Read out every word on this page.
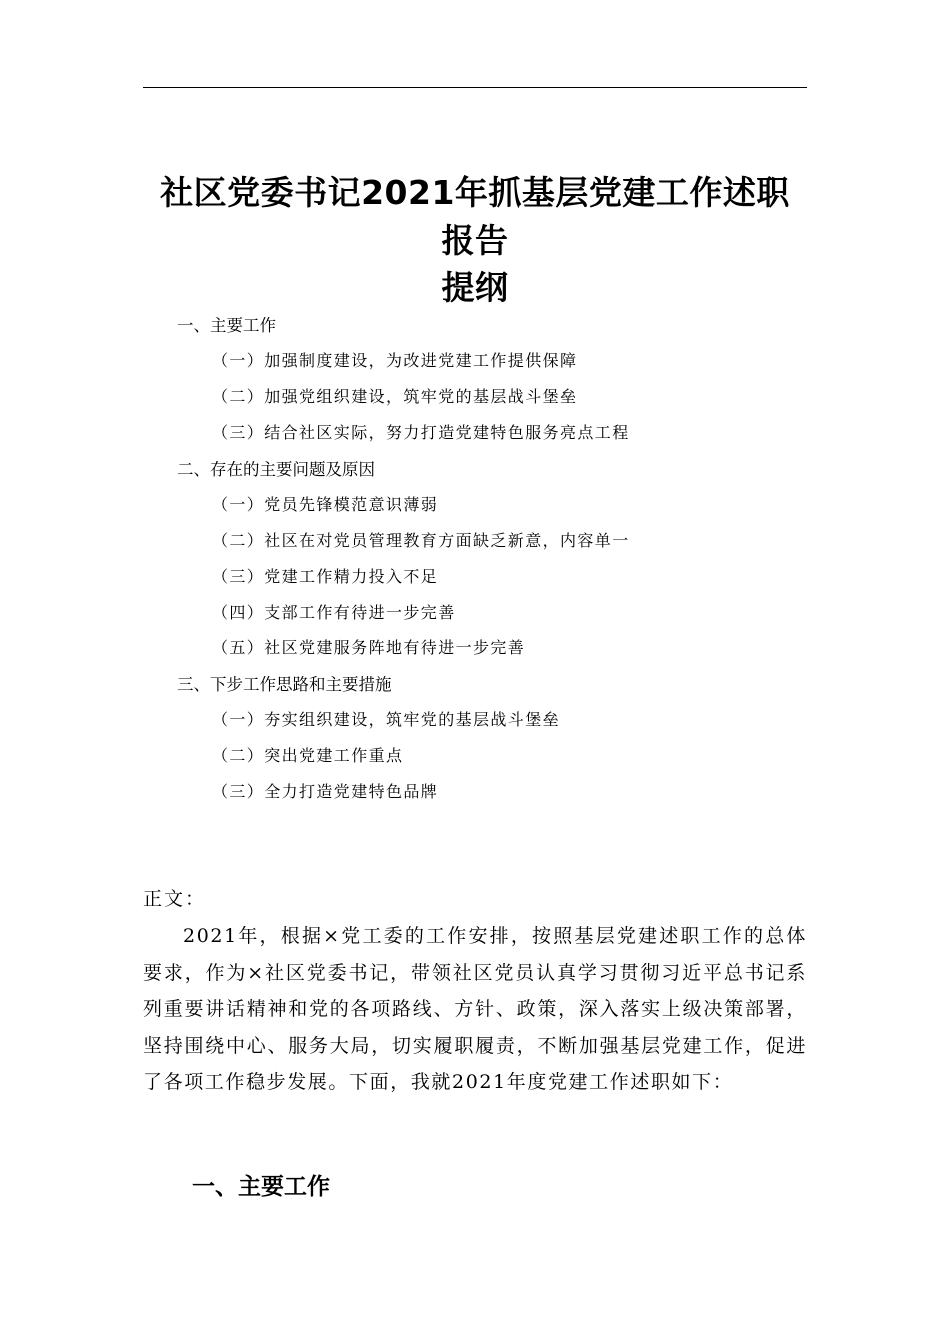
社区党委书记2021年抓基层党建工作述职
报告
提纲
一、主要工作
（一）加强制度建设，为改进党建工作提供保障
（二）加强党组织建设，筑牢党的基层战斗堡垒
（三）结合社区实际，努力打造党建特色服务亮点工程
二、存在的主要问题及原因
（一）党员先锋模范意识薄弱
（二）社区在对党员管理教育方面缺乏新意，内容单一
（三）党建工作精力投入不足
（四）支部工作有待进一步完善
（五）社区党建服务阵地有待进一步完善
三、下步工作思路和主要措施
（一）夯实组织建设，筑牢党的基层战斗堡垒
（二）突出党建工作重点
（三）全力打造党建特色品牌
正文：

2021年，根据×党工委的工作安排，按照基层党建述职工作的总体要求，作为×社区党委书记，带领社区党员认真学习贯彻习近平总书记系列重要讲话精神和党的各项路线、方针、政策，深入落实上级决策部署，坚持围绕中心、服务大局，切实履职履责，不断加强基层党建工作，促进了各项工作稳步发展。下面，我就2021年度党建工作述职如下：

一、主要工作
